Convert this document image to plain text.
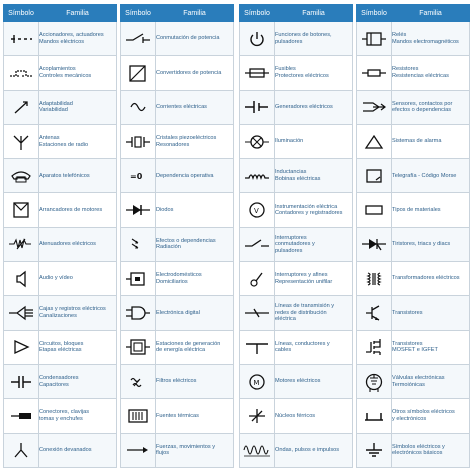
Símbolo	Familia

Accionadores, actuadores
Mandos eléctricos

Acoplamientos
Controles mecánicos

Adaptabilidad
Variabilidad

Antenas
Estaciones de radio

Aparatos telefónicos

Arrancadores de motores

Atenuadores eléctricos

Audio y vídeo

Cajas y registros eléctricos
Canalizaciones

Circuitos, bloques
Etapas eléctricas

Condensadores
Capacitores

Conectores, clavijas
tomas y enchufes

Conexión devanados
Símbolo	Familia

Conmutación de potencia

Convertidores de potencia

Corrientes eléctricas

Cristales piezoeléctricos
Resonadores

=0	Dependencia operativa

Diodos

Efectos o dependencias
Radiación

Electrodomésticos
Domiciliarios

Electrónica digital

Estaciones de generación
de energía eléctrica

Filtros eléctricos

Fuentes térmicas

Fuerzas, movimientos y
flujos
Símbolo	Familia

Funciones de botones,
pulsadores

Fusibles
Protectores eléctricos

Generadores eléctricos

Iluminación

Inductancias
Bobinas eléctricas

V	Instrumentación eléctrica
Contadores y registradores

Interruptores
conmutadores y
pulsadores

Interruptores y afines
Representación unifilar

Líneas de transmisión y
redes de distribución
eléctrica

Líneas, conductores y
cables

M	Motores eléctricos

Núcleos férricos

Ondas, pulsos e impulsos
Símbolo	Familia

Relés
Mandos electromagnéticos

Resistores
Resistencias eléctricas

Sensores, contactos por
efectos o dependencias

Sistemas de alarma

Telegrafía - Código Morse

Tipos de materiales

Tiristores, triacs y diacs

Transformadores eléctricos

Transistores

Transistores
MOSFET e IGFET

Válvulas electrónicas
Termoiónicas

Otros símbolos eléctricos
y electrónicos

Símbolos eléctricos y
electrónicos básicos
